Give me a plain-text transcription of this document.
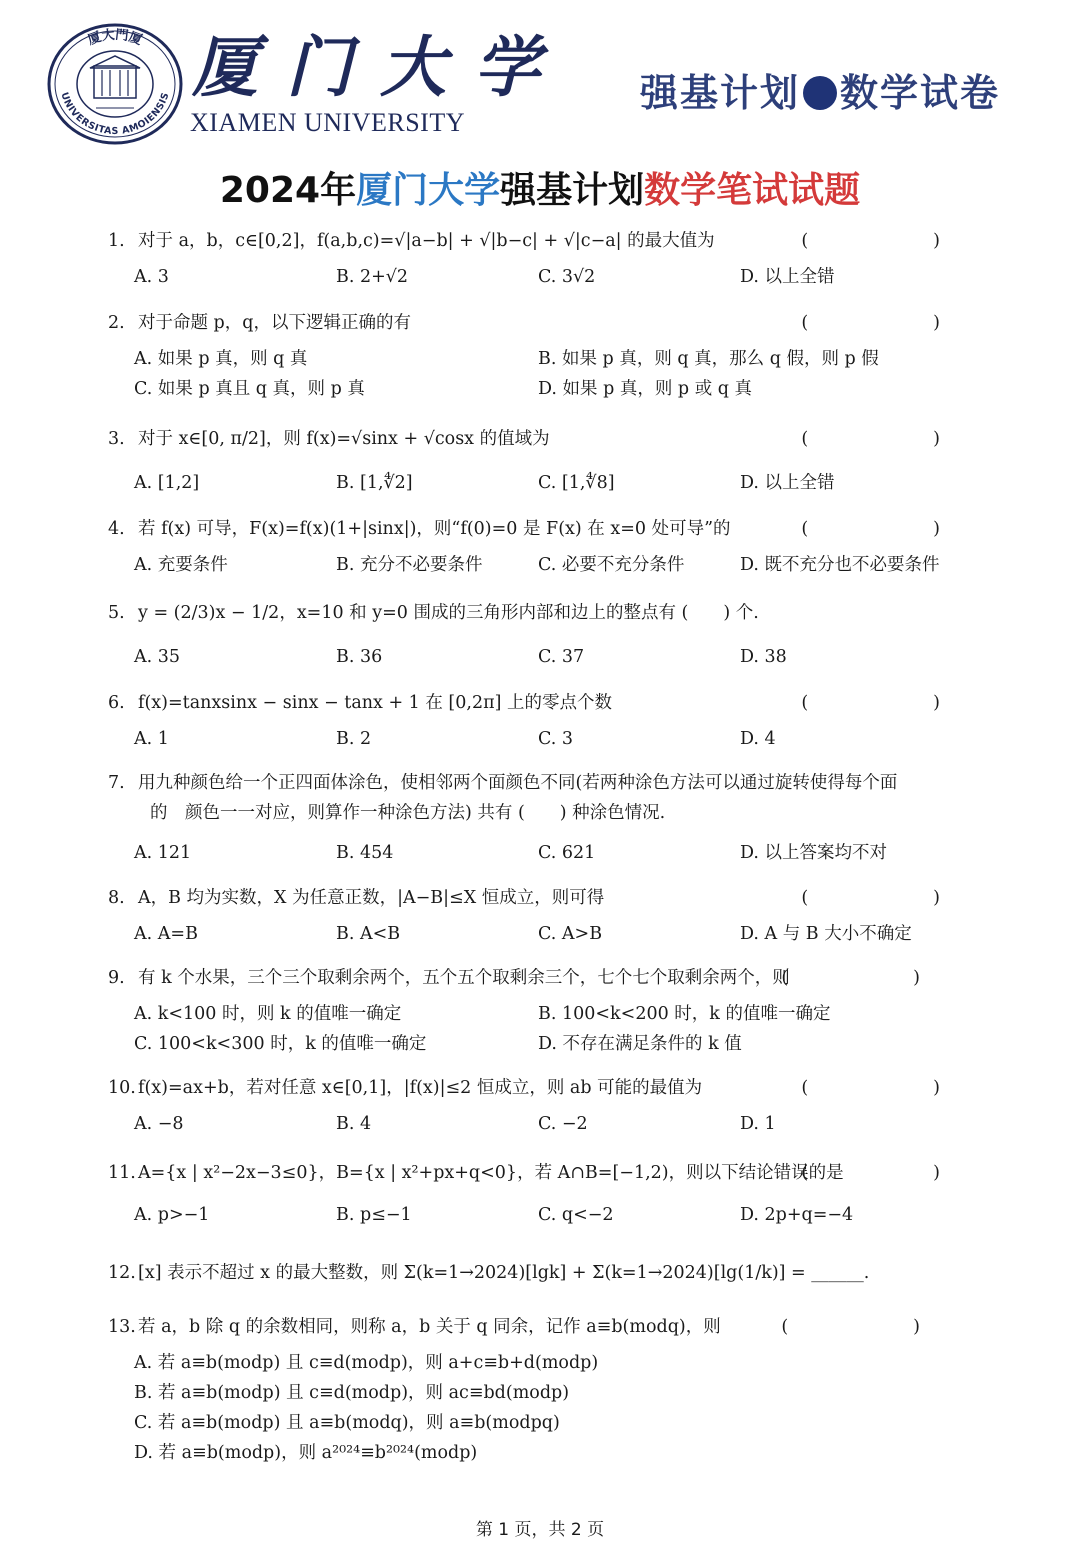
厦大門厦
UNIVERSITAS AMOIENSIS 厦门大学
XIAMEN UNIVERSITY
强基计划 数学试卷
2024年厦门大学强基计划数学笔试试题
1. 对于 a，b，c∈[0,2]，f(a,b,c)=√|a−b| + √|b−c| + √|c−a| 的最大值为	(　　)
A. 3	B. 2+√2	C. 3√2	D. 以上全错
2. 对于命题 p，q，以下逻辑正确的有	(　　)
A. 如果 p 真，则 q 真	B. 如果 p 真，则 q 真，那么 q 假，则 p 假
C. 如果 p 真且 q 真，则 p 真	D. 如果 p 真，则 p 或 q 真
3. 对于 x∈[0, π/2]，则 f(x)=√sinx + √cosx 的值域为	(　　)
A. [1,2]	B. [1,∜2]	C. [1,∜8]	D. 以上全错
4. 若 f(x) 可导，F(x)=f(x)(1+|sinx|)，则“f(0)=0 是 F(x) 在 x=0 处可导”的	(　　)
A. 充要条件	B. 充分不必要条件	C. 必要不充分条件	D. 既不充分也不必要条件
5. y = (2/3)x − 1/2，x=10 和 y=0 围成的三角形内部和边上的整点有 (　　) 个.
A. 35	B. 36	C. 37	D. 38
6. f(x)=tanxsinx − sinx − tanx + 1 在 [0,2π] 上的零点个数	(　　)
A. 1	B. 2	C. 3	D. 4
7. 用九种颜色给一个正四面体涂色，使相邻两个面颜色不同(若两种涂色方法可以通过旋转使得每个面
的　颜色一一对应，则算作一种涂色方法) 共有 (　　) 种涂色情况.
A. 121	B. 454	C. 621	D. 以上答案均不对
8. A，B 均为实数，X 为任意正数，|A−B|≤X 恒成立，则可得	(　　)
A. A=B	B. A<B	C. A>B	D. A 与 B 大小不确定
9. 有 k 个水果，三个三个取剩余两个，五个五个取剩余三个，七个七个取剩余两个，则
(　　)
A. k<100 时，则 k 的值唯一确定	B. 100<k<200 时，k 的值唯一确定
C. 100<k<300 时，k 的值唯一确定	D. 不存在满足条件的 k 值
10. f(x)=ax+b，若对任意 x∈[0,1]，|f(x)|≤2 恒成立，则 ab 可能的最值为	(　　)
A. −8	B. 4	C. −2	D. 1
11. A={x | x²−2x−3≤0}，B={x | x²+px+q<0}，若 A∩B=[−1,2)，则以下结论错误的是
(　　)
A. p>−1	B. p≤−1	C. q<−2	D. 2p+q=−4
12. [x] 表示不超过 x 的最大整数，则 Σ(k=1→2024)[lgk] + Σ(k=1→2024)[lg(1/k)] = ______.
13. 若 a，b 除 q 的余数相同，则称 a，b 关于 q 同余，记作 a≡b(modq)，则	(　　)
A. 若 a≡b(modp) 且 c≡d(modp)，则 a+c≡b+d(modp)
B. 若 a≡b(modp) 且 c≡d(modp)，则 ac≡bd(modp)
C. 若 a≡b(modp) 且 a≡b(modq)，则 a≡b(modpq)
D. 若 a≡b(modp)，则 a²⁰²⁴≡b²⁰²⁴(modp)
第 1 页，共 2 页
